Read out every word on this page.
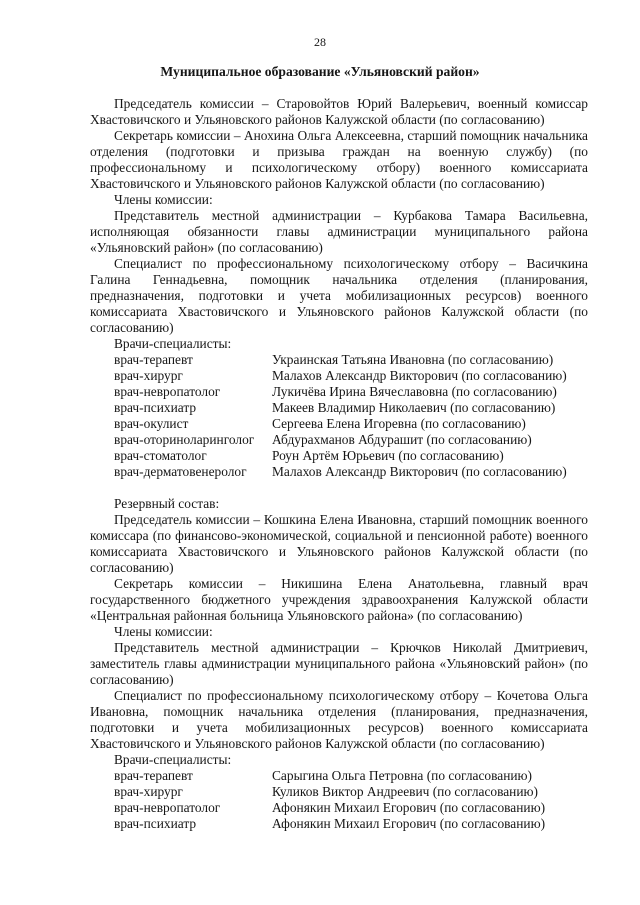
28
Муниципальное образование «Ульяновский район»

Председатель комиссии – Старовойтов Юрий Валерьевич, военный комиссар Хвастовичского и Ульяновского районов Калужской области (по согласованию)

Секретарь комиссии – Анохина Ольга Алексеевна, старший помощник начальника отделения (подготовки и призыва граждан на военную службу) (по профессиональному и психологическому отбору) военного комиссариата Хвастовичского и Ульяновского районов Калужской области (по согласованию)

Члены комиссии:

Представитель местной администрации – Курбакова Тамара Васильевна, исполняющая обязанности главы администрации муниципального района «Ульяновский район» (по согласованию)

Специалист по профессиональному психологическому отбору – Васичкина Галина Геннадьевна, помощник начальника отделения (планирования, предназначения, подготовки и учета мобилизационных ресурсов) военного комиссариата Хвастовичского и Ульяновского районов Калужской области (по согласованию)

Врачи-специалисты:

врач-терапевт	Украинская Татьяна Ивановна (по согласованию)
врач-хирург	Малахов Александр Викторович (по согласованию)
врач-невропатолог	Лукичёва Ирина Вячеславовна (по согласованию)
врач-психиатр	Макеев Владимир Николаевич (по согласованию)
врач-окулист	Сергеева Елена Игоревна (по согласованию)
врач-оториноларинголог	Абдурахманов Абдурашит (по согласованию)
врач-стоматолог	Роун Артём Юрьевич (по согласованию)
врач-дерматовенеролог	Малахов Александр Викторович (по согласованию)

Резервный состав:

Председатель комиссии – Кошкина Елена Ивановна, старший помощник военного комиссара (по финансово-экономической, социальной и пенсионной работе) военного комиссариата Хвастовичского и Ульяновского районов Калужской области (по согласованию)

Секретарь комиссии – Никишина Елена Анатольевна, главный врач государственного бюджетного учреждения здравоохранения Калужской области «Центральная районная больница Ульяновского района» (по согласованию)

Члены комиссии:

Представитель местной администрации – Крючков Николай Дмитриевич, заместитель главы администрации муниципального района «Ульяновский район» (по согласованию)

Специалист по профессиональному психологическому отбору – Кочетова Ольга Ивановна, помощник начальника отделения (планирования, предназначения, подготовки и учета мобилизационных ресурсов) военного комиссариата Хвастовичского и Ульяновского районов Калужской области (по согласованию)

Врачи-специалисты:

врач-терапевт	Сарыгина Ольга Петровна (по согласованию)
врач-хирург	Куликов Виктор Андреевич (по согласованию)
врач-невропатолог	Афонякин Михаил Егорович (по согласованию)
врач-психиатр	Афонякин Михаил Егорович (по согласованию)
